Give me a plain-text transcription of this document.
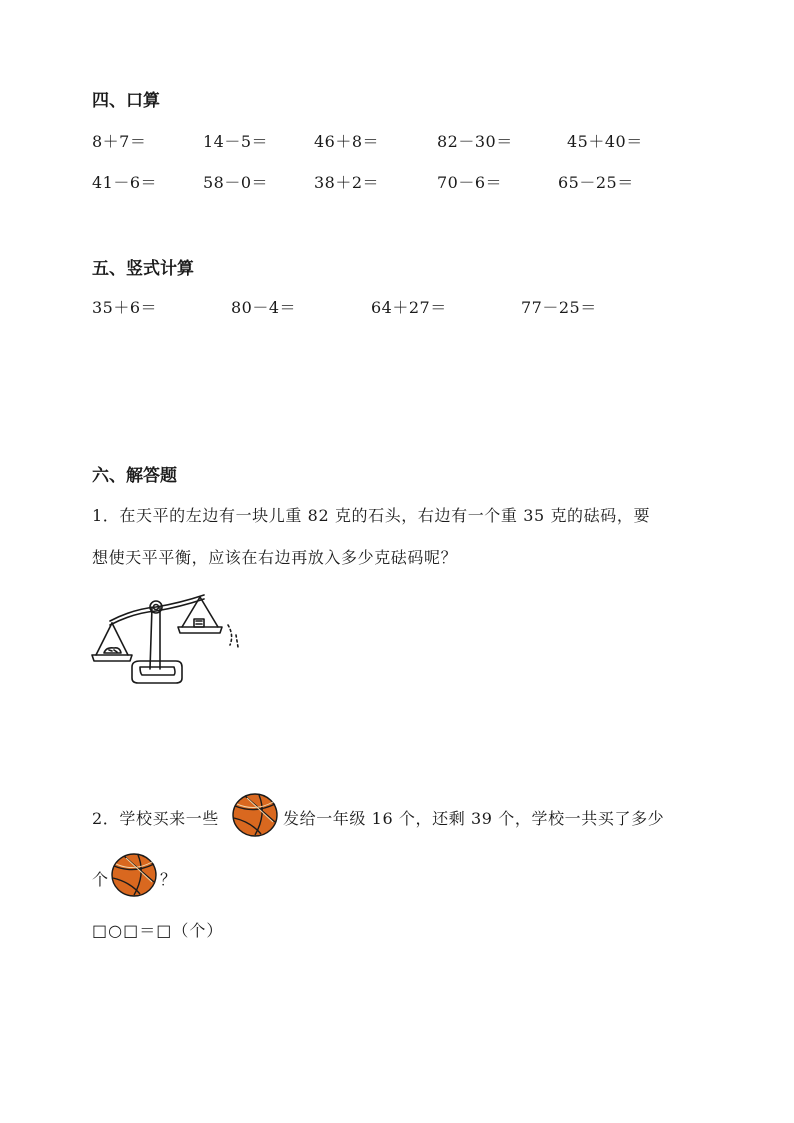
四、口算
8＋7＝	14－5＝	46＋8＝	82－30＝	45＋40＝
41－6＝	58－0＝	38＋2＝	70－6＝	65－25＝
五、竖式计算
35＋6＝	80－4＝	64＋27＝	77－25＝
六、解答题
1．在天平的左边有一块儿重 82 克的石头，右边有一个重 35 克的砝码，要
想使天平平衡，应该在右边再放入多少克砝码呢？
2．学校买来一些	发给一年级 16 个，还剩 39 个，学校一共买了多少
个	？
□○□＝□（个）
